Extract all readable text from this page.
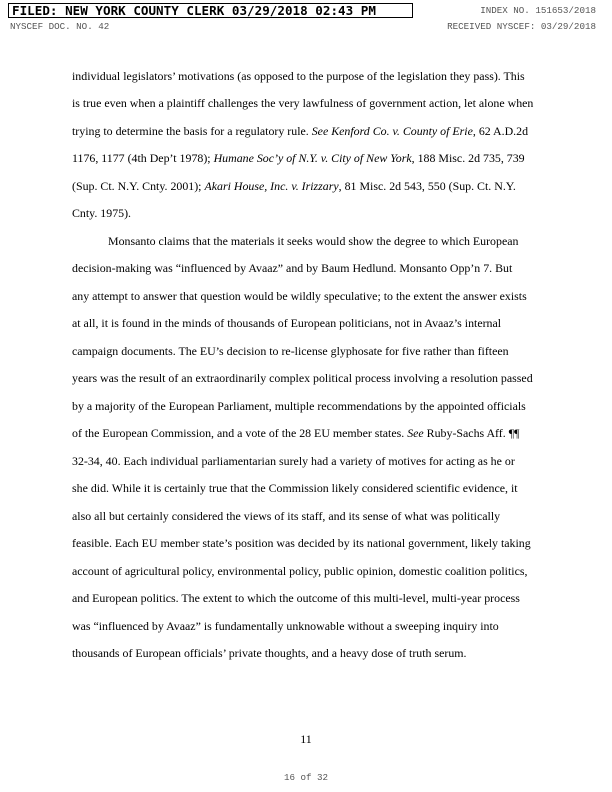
FILED: NEW YORK COUNTY CLERK 03/29/2018 02:43 PM	INDEX NO. 151653/2018
NYSCEF DOC. NO. 42	RECEIVED NYSCEF: 03/29/2018
individual legislators’ motivations (as opposed to the purpose of the legislation they pass). This
is true even when a plaintiff challenges the very lawfulness of government action, let alone when
trying to determine the basis for a regulatory rule. See Kenford Co. v. County of Erie, 62 A.D.2d
1176, 1177 (4th Dep’t 1978); Humane Soc’y of N.Y. v. City of New York, 188 Misc. 2d 735, 739
(Sup. Ct. N.Y. Cnty. 2001); Akari House, Inc. v. Irizzary, 81 Misc. 2d 543, 550 (Sup. Ct. N.Y.
Cnty. 1975).
Monsanto claims that the materials it seeks would show the degree to which European
decision-making was “influenced by Avaaz” and by Baum Hedlund. Monsanto Opp’n 7. But
any attempt to answer that question would be wildly speculative; to the extent the answer exists
at all, it is found in the minds of thousands of European politicians, not in Avaaz’s internal
campaign documents. The EU’s decision to re-license glyphosate for five rather than fifteen
years was the result of an extraordinarily complex political process involving a resolution passed
by a majority of the European Parliament, multiple recommendations by the appointed officials
of the European Commission, and a vote of the 28 EU member states. See Ruby-Sachs Aff. ¶¶
32-34, 40. Each individual parliamentarian surely had a variety of motives for acting as he or
she did. While it is certainly true that the Commission likely considered scientific evidence, it
also all but certainly considered the views of its staff, and its sense of what was politically
feasible. Each EU member state’s position was decided by its national government, likely taking
account of agricultural policy, environmental policy, public opinion, domestic coalition politics,
and European politics. The extent to which the outcome of this multi-level, multi-year process
was “influenced by Avaaz” is fundamentally unknowable without a sweeping inquiry into
thousands of European officials’ private thoughts, and a heavy dose of truth serum.
11
16 of 32
